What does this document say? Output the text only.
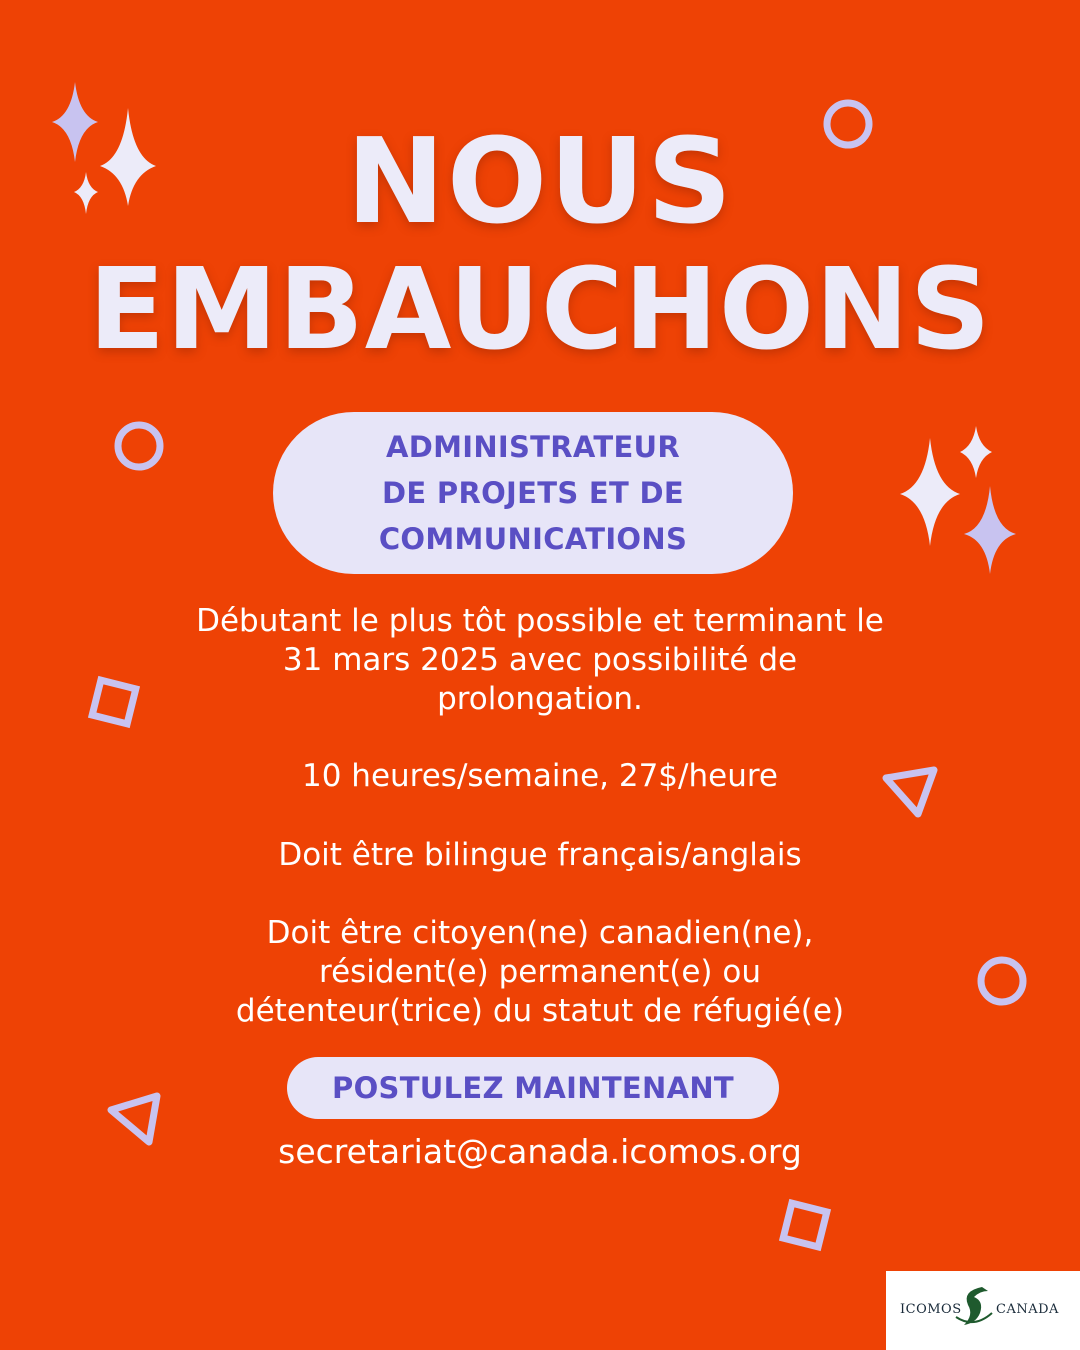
NOUS
EMBAUCHONS
ADMINISTRATEUR
DE PROJETS ET DE
COMMUNICATIONS

Débutant le plus tôt possible et terminant le
31 mars 2025 avec possibilité de
prolongation.

10 heures/semaine, 27$/heure

Doit être bilingue français/anglais

Doit être citoyen(ne) canadien(ne),
résident(e) permanent(e) ou
détenteur(trice) du statut de réfugié(e)

POSTULEZ MAINTENANT
secretariat@canada.icomos.org
ICOMOS	CANADA
